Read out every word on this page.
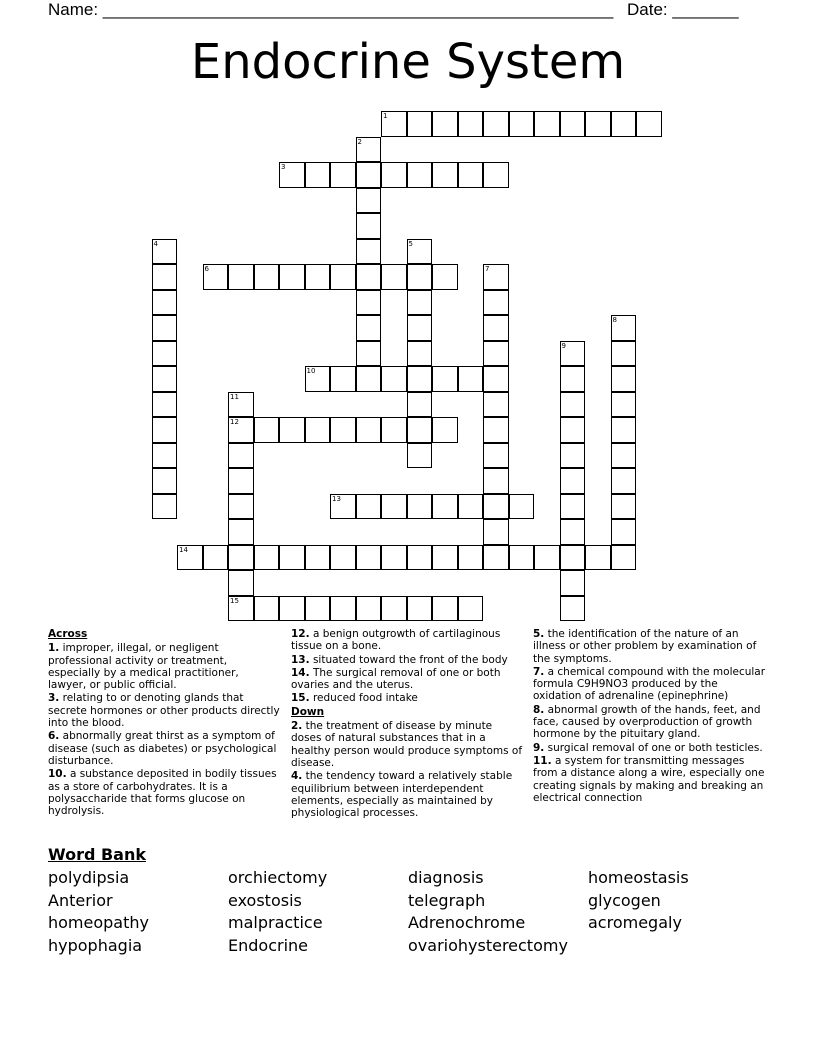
Name: ______________________________________________________ Date: _______
Endocrine System
1
2
3
4	5
6	7
8
9
10
11
12
15
13
14
Across
1. improper, illegal, or negligent professional activity or treatment, especially by a medical practitioner, lawyer, or public official.
3. relating to or denoting glands that secrete hormones or other products directly into the blood.
6. abnormally great thirst as a symptom of disease (such as diabetes) or psychological disturbance.
10. a substance deposited in bodily tissues as a store of carbohydrates. It is a polysaccharide that forms glucose on hydrolysis.
12. a benign outgrowth of cartilaginous tissue on a bone.
13. situated toward the front of the body
14. The surgical removal of one or both ovaries and the uterus.
15. reduced food intake
Down
2. the treatment of disease by minute doses of natural substances that in a healthy person would produce symptoms of disease.
4. the tendency toward a relatively stable equilibrium between interdependent elements, especially as maintained by physiological processes.
5. the identification of the nature of an illness or other problem by examination of the symptoms.
7. a chemical compound with the molecular formula C9H9NO3 produced by the oxidation of adrenaline (epinephrine)
8. abnormal growth of the hands, feet, and face, caused by overproduction of growth hormone by the pituitary gland.
9. surgical removal of one or both testicles.
11. a system for transmitting messages from a distance along a wire, especially one creating signals by making and breaking an electrical connection
Word Bank
polydipsia	orchiectomy	diagnosis	homeostasis
Anterior	exostosis	telegraph	glycogen
homeopathy	malpractice	Adrenochrome	acromegaly
hypophagia	Endocrine	ovariohysterectomy
